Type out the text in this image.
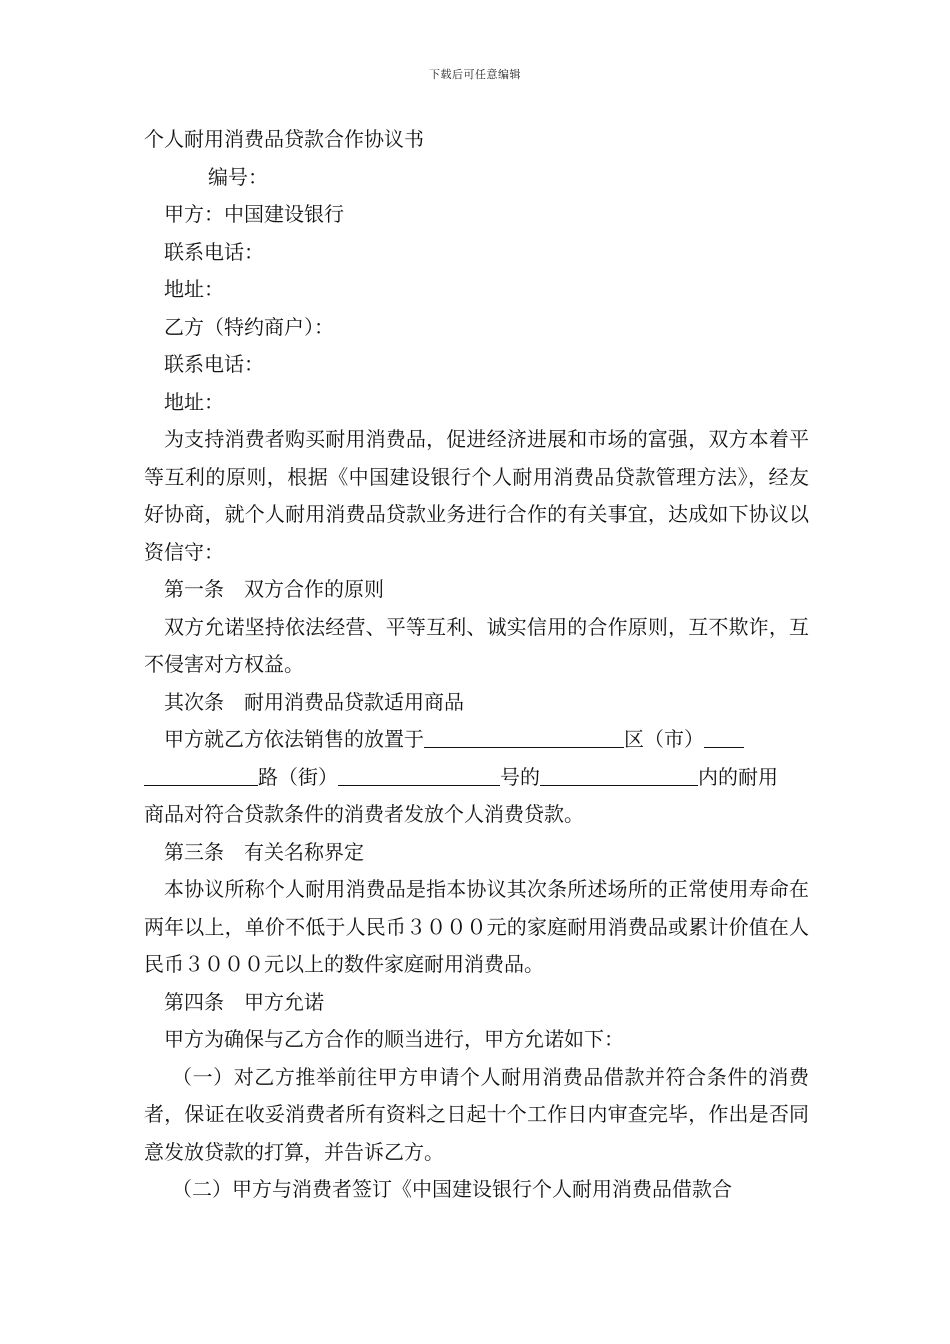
下载后可任意编辑
个人耐用消费品贷款合作协议书
编号：
甲方：中国建设银行
联系电话：
地址：
乙方（特约商户）：
联系电话：
地址：
为支持消费者购买耐用消费品，促进经济进展和市场的富强，双方本着平等互利的原则，根据《中国建设银行个人耐用消费品贷款管理方法》，经友好协商，就个人耐用消费品贷款业务进行合作的有关事宜，达成如下协议以资信守：
第一条　双方合作的原则
双方允诺坚持依法经营、平等互利、诚实信用的合作原则，互不欺诈，互不侵害对方权益。
其次条　耐用消费品贷款适用商品
甲方就乙方依法销售的放置于	区（市）
路（街）	号的	内的耐用
商品对符合贷款条件的消费者发放个人消费贷款。
第三条　有关名称界定
本协议所称个人耐用消费品是指本协议其次条所述场所的正常使用寿命在两年以上，单价不低于人民币３０００元的家庭耐用消费品或累计价值在人民币３０００元以上的数件家庭耐用消费品。
第四条　甲方允诺
甲方为确保与乙方合作的顺当进行，甲方允诺如下：
（一）对乙方推举前往甲方申请个人耐用消费品借款并符合条件的消费者，保证在收妥消费者所有资料之日起十个工作日内审查完毕，作出是否同意发放贷款的打算，并告诉乙方。
（二）甲方与消费者签订《中国建设银行个人耐用消费品借款合
